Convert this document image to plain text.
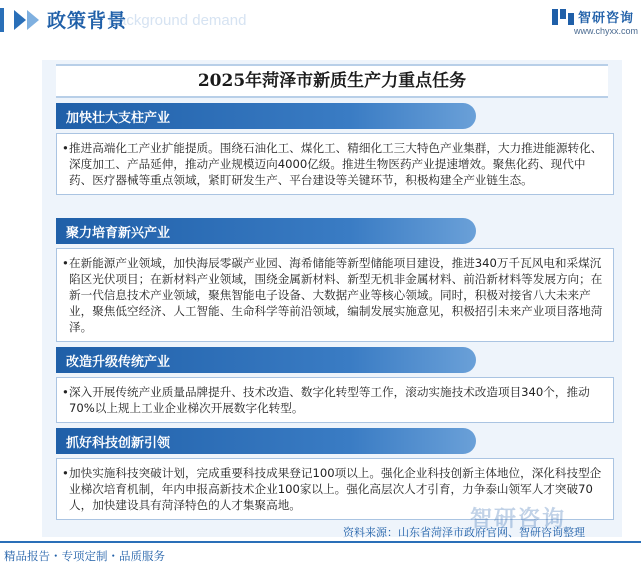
Background demand
政策背景	智研咨询
www.chyxx.com
2025年菏泽市新质生产力重点任务
加快壮大支柱产业
• 推进高端化工产业扩能提质。围绕石油化工、煤化工、精细化工三大特色产业集群，大力推进能源转化、深度加工、产品延伸，推动产业规模迈向4000亿级。推进生物医药产业提速增效。聚焦化药、现代中药、医疗器械等重点领域，紧盯研发生产、平台建设等关键环节，积极构建全产业链生态。
聚力培育新兴产业
• 在新能源产业领域，加快海辰零碳产业园、海希储能等新型储能项目建设，推进340万千瓦风电和采煤沉陷区光伏项目；在新材料产业领域，围绕金属新材料、新型无机非金属材料、前沿新材料等发展方向；在新一代信息技术产业领域，聚焦智能电子设备、大数据产业等核心领域。同时，积极对接省八大未来产业，聚焦低空经济、人工智能、生命科学等前沿领域，编制发展实施意见，积极招引未来产业项目落地菏泽。
改造升级传统产业
• 深入开展传统产业质量品牌提升、技术改造、数字化转型等工作，滚动实施技术改造项目340个，推动70%以上规上工业企业梯次开展数字化转型。
抓好科技创新引领
• 加快实施科技突破计划，完成重要科技成果登记100项以上。强化企业科技创新主体地位，深化科技型企业梯次培育机制，年内申报高新技术企业100家以上。强化高层次人才引育，力争泰山领军人才突破70人，加快建设具有菏泽特色的人才集聚高地。
智研咨询
资料来源：山东省菏泽市政府官网、智研咨询整理
精品报告・专项定制・品质服务
